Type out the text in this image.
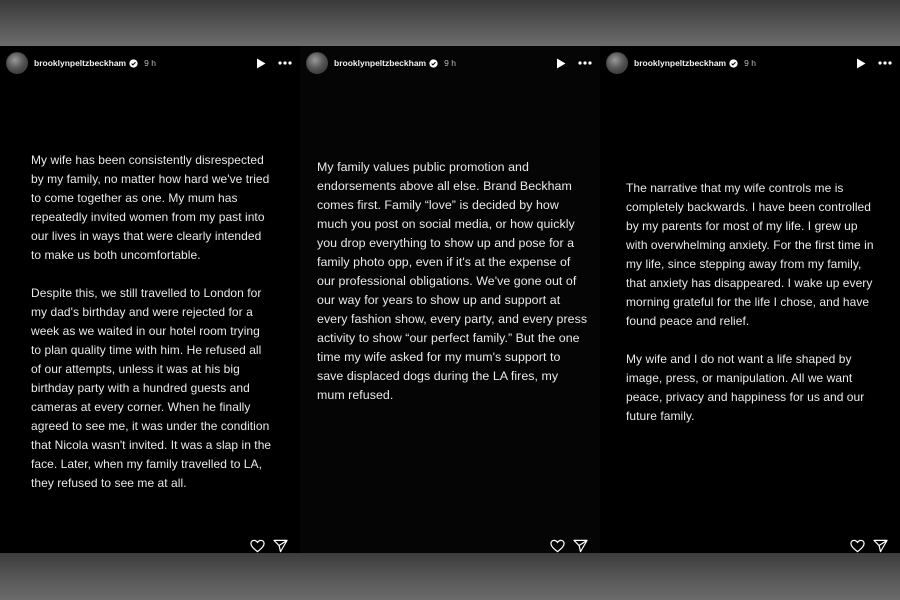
brooklynpeltzbeckham 9 h

My wife has been consistently disrespected by my family, no matter how hard we've tried to come together as one. My mum has repeatedly invited women from my past into our lives in ways that were clearly intended to make us both uncomfortable.

Despite this, we still travelled to London for my dad's birthday and were rejected for a week as we waited in our hotel room trying to plan quality time with him. He refused all of our attempts, unless it was at his big birthday party with a hundred guests and cameras at every corner. When he finally agreed to see me, it was under the condition that Nicola wasn't invited. It was a slap in the face. Later, when my family travelled to LA, they refused to see me at all.

brooklynpeltzbeckham 9 h

My family values public promotion and endorsements above all else. Brand Beckham comes first. Family “love” is decided by how much you post on social media, or how quickly you drop everything to show up and pose for a family photo opp, even if it's at the expense of our professional obligations. We've gone out of our way for years to show up and support at every fashion show, every party, and every press activity to show “our perfect family.” But the one time my wife asked for my mum's support to save displaced dogs during the LA fires, my mum refused.

brooklynpeltzbeckham 9 h

The narrative that my wife controls me is completely backwards. I have been controlled by my parents for most of my life. I grew up with overwhelming anxiety. For the first time in my life, since stepping away from my family, that anxiety has disappeared. I wake up every morning grateful for the life I chose, and have found peace and relief.

My wife and I do not want a life shaped by image, press, or manipulation. All we want peace, privacy and happiness for us and our future family.
